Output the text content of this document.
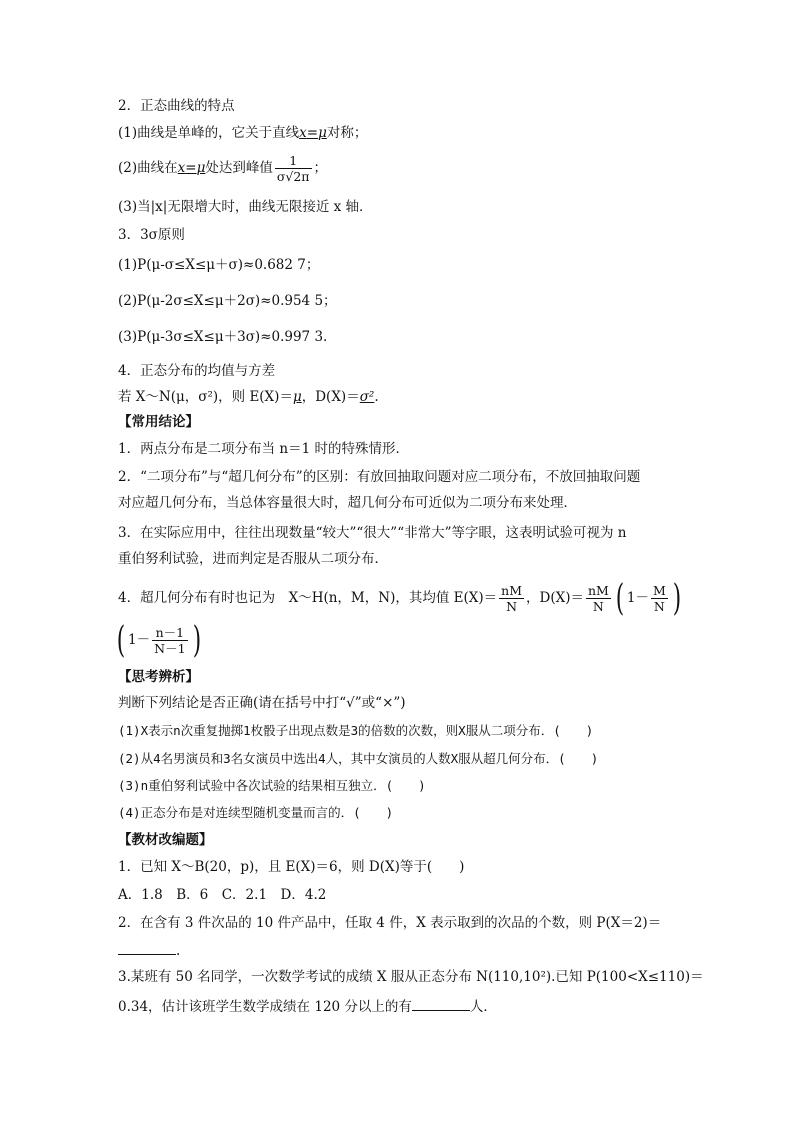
2．正态曲线的特点
(1)曲线是单峰的，它关于直线x=μ对称；
(2)曲线在x=μ处达到峰值 $\frac{1}{\sigma√2\pi}$ ；
(3)当|x|无限增大时，曲线无限接近 x 轴．
3．3σ原则
(1)P(μ-σ≤X≤μ＋σ)≈0.682 7；
(2)P(μ-2σ≤X≤μ＋2σ)≈0.954 5；
(3)P(μ-3σ≤X≤μ＋3σ)≈0.997 3.
4．正态分布的均值与方差
若 X～N(μ，σ²)，则 E(X)＝μ，D(X)＝σ².
【常用结论】
1．两点分布是二项分布当 n＝1 时的特殊情形．
2．“二项分布”与“超几何分布”的区别：有放回抽取问题对应二项分布，不放回抽取问题
对应超几何分布，当总体容量很大时，超几何分布可近似为二项分布来处理．
3．在实际应用中，往往出现数量“较大”“很大”“非常大”等字眼，这表明试验可视为 n
重伯努利试验，进而判定是否服从二项分布．
4．超几何分布有时也记为　X～H(n，M，N)，其均值 $E(X)= \frac{nM}{N}$ ，$D(X)= \frac{nM}{N}$ ( $1- \frac{M}{N}$ )
( $1- \frac{n-1}{N-1}$ )
【思考辨析】
判断下列结论是否正确(请在括号中打“√”或“×”)
(1)X表示n次重复抛掷1枚骰子出现点数是3的倍数的次数，则X服从二项分布．(　　)
(2)从4名男演员和3名女演员中选出4人，其中女演员的人数X服从超几何分布．(　　)
(3)n重伯努利试验中各次试验的结果相互独立．(　　)
(4)正态分布是对连续型随机变量而言的．(　　)
【教材改编题】
1．已知 X～B(20，p)，且 E(X)＝6，则 D(X)等于(　　)
A．1.8　B．6　C．2.1　D．4.2
2．在含有 3 件次品的 10 件产品中，任取 4 件，X 表示取到的次品的个数，则 P(X＝2)＝
.
3.某班有 50 名同学，一次数学考试的成绩 X 服从正态分布 N(110,10²).已知 P(100<X≤110)＝
0.34，估计该班学生数学成绩在 120 分以上的有	人．
